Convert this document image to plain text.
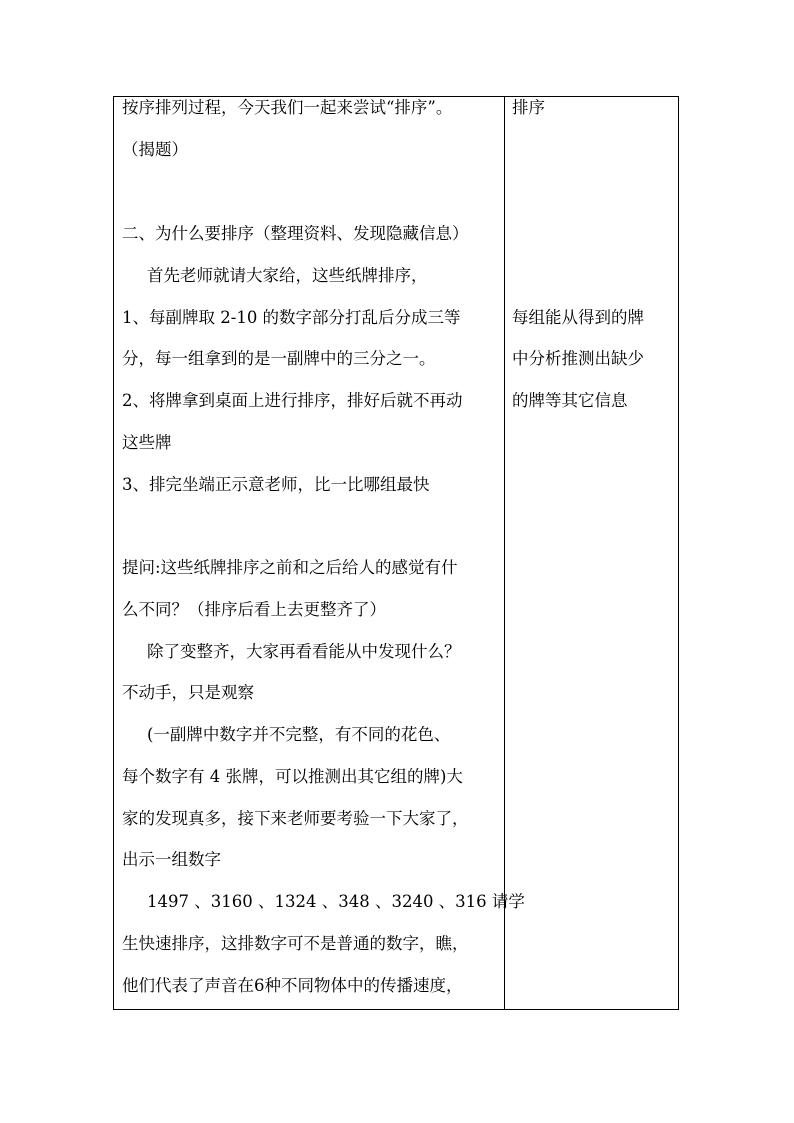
按序排列过程，今天我们一起来尝试“排序”。
（揭题）
二、为什么要排序（整理资料、发现隐藏信息）
首先老师就请大家给，这些纸牌排序，
1、每副牌取 2-10 的数字部分打乱后分成三等
分，每一组拿到的是一副牌中的三分之一。
2、将牌拿到桌面上进行排序，排好后就不再动
这些牌
3、排完坐端正示意老师，比一比哪组最快
提问:这些纸牌排序之前和之后给人的感觉有什
么不同？（排序后看上去更整齐了）
除了变整齐，大家再看看能从中发现什么？
不动手，只是观察
(一副牌中数字并不完整，有不同的花色、
每个数字有 4 张牌，可以推测出其它组的牌)大
家的发现真多，接下来老师要考验一下大家了，
出示一组数字
1497 、3160 、1324 、348 、3240 、316 请学
生快速排序，这排数字可不是普通的数字，瞧，
他们代表了声音在6种不同物体中的传播速度，
排序
每组能从得到的牌
中分析推测出缺少
的牌等其它信息
